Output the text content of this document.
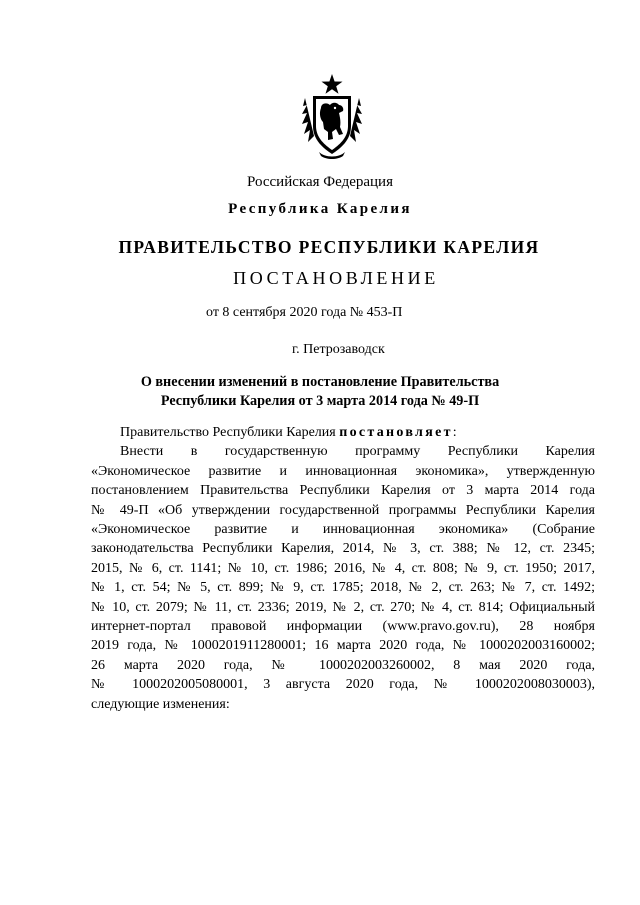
Российская Федерация
Республика Карелия
ПРАВИТЕЛЬСТВО РЕСПУБЛИКИ КАРЕЛИЯ
ПОСТАНОВЛЕНИЕ
от 8 сентября 2020 года № 453-П
г. Петрозаводск
О внесении изменений в постановление Правительства
Республики Карелия от 3 марта 2014 года № 49-П

Правительство Республики Карелия постановляет:

Внести в государственную программу Республики Карелия
«Экономическое развитие и инновационная экономика», утвержденную
постановлением Правительства Республики Карелия от 3 марта 2014 года
№ 49-П «Об утверждении государственной программы Республики Карелия
«Экономическое развитие и инновационная экономика» (Собрание
законодательства Республики Карелия, 2014, № 3, ст. 388; № 12, ст. 2345;
2015, № 6, ст. 1141; № 10, ст. 1986; 2016, № 4, ст. 808; № 9, ст. 1950; 2017,
№ 1, ст. 54; № 5, ст. 899; № 9, ст. 1785; 2018, № 2, ст. 263; № 7, ст. 1492;
№ 10, ст. 2079; № 11, ст. 2336; 2019, № 2, ст. 270; № 4, ст. 814; Официальный
интернет-портал правовой информации (www.pravo.gov.ru), 28 ноября
2019 года, № 1000201911280001; 16 марта 2020 года, № 1000202003160002;
26 марта 2020 года, № 1000202003260002, 8 мая 2020 года,
№ 1000202005080001, 3 августа 2020 года, № 1000202008030003),
следующие изменения:
